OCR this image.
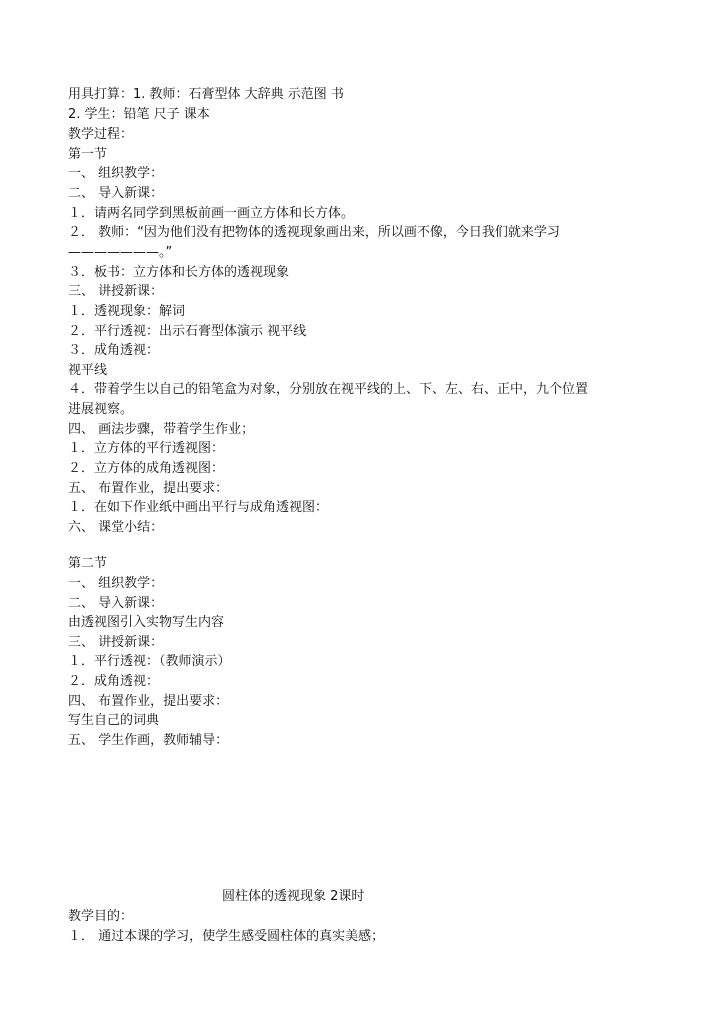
用具打算：1. 教师：石膏型体 大辞典 示范图 书
2. 学生：铅笔 尺子 课本
教学过程：
第一节
一、 组织教学：
二、 导入新课：
１．请两名同学到黑板前画一画立方体和长方体。
２． 教师：“因为他们没有把物体的透视现象画出来，所以画不像，今日我们就来学习
———————。”
３．板书：立方体和长方体的透视现象
三、 讲授新课：
１．透视现象：解词
２．平行透视：出示石膏型体演示 视平线
３．成角透视：
视平线
４．带着学生以自己的铅笔盒为对象，分别放在视平线的上、下、左、右、正中，九个位置
进展视察。
四、 画法步骤，带着学生作业；
１．立方体的平行透视图：
２．立方体的成角透视图：
五、 布置作业，提出要求：
１．在如下作业纸中画出平行与成角透视图：
六、 课堂小结：
第二节
一、 组织教学：
二、 导入新课：
由透视图引入实物写生内容
三、 讲授新课：
１．平行透视：（教师演示）
２．成角透视：
四、 布置作业，提出要求：
写生自己的词典
五、 学生作画，教师辅导：
圆柱体的透视现象 2课时
教学目的：
１． 通过本课的学习，使学生感受圆柱体的真实美感；
